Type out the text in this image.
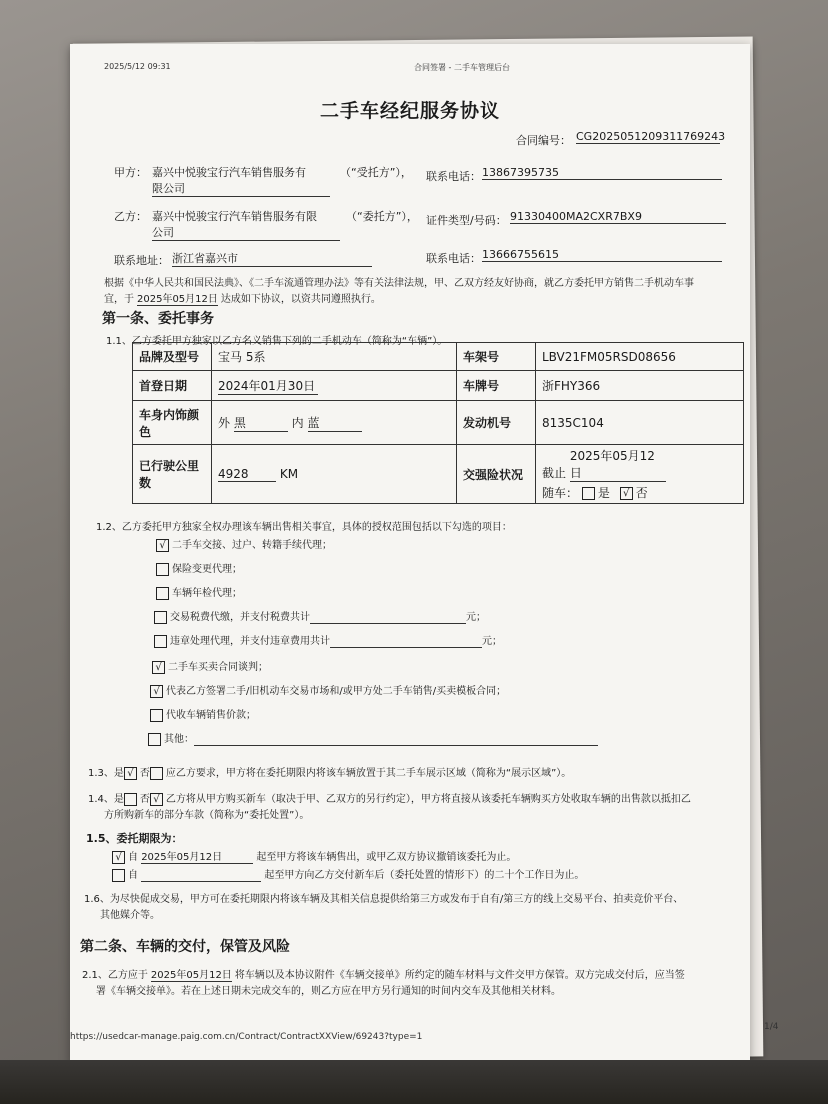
2025/5/12 09:31	合同签署 - 二手车管理后台
二手车经纪服务协议
合同编号： CG2025051209311769243
甲方： 嘉兴中悦骏宝行汽车销售服务有	（“受托方”），
限公司
联系电话： 13867395735
乙方： 嘉兴中悦骏宝行汽车销售服务有限	（“委托方”），
公司
证件类型/号码： 91330400MA2CXR7BX9
联系地址： 浙江省嘉兴市	联系电话： 13666755615
根据《中华人民共和国民法典》、《二手车流通管理办法》等有关法律法规，甲、乙双方经友好协商，就乙方委托甲方销售二手机动车事
宜，于 2025年05月12日 达成如下协议，以资共同遵照执行。
第一条、委托事务
1.1、乙方委托甲方独家以乙方名义销售下列的二手机动车（简称为“车辆”）。
品牌及型号	宝马 5系	车架号	LBV21FM05RSD08656
首登日期	2024年01月30日	车牌号	浙FHY366
车身内饰颜色	外 黑 内 蓝	发动机号	8135C104
已行驶公里数	4928 KM	交强险状况	截止 2025年05月12日
随车： 是 √ 否
1.2、乙方委托甲方独家全权办理该车辆出售相关事宜，具体的授权范围包括以下勾选的项目：
√ 二手车交接、过户、转籍手续代理；
保险变更代理；
车辆年检代理；
交易税费代缴，并支付税费共计	元；
违章处理代理，并支付违章费用共计	元；
√ 二手车买卖合同谈判；
√ 代表乙方签署二手/旧机动车交易市场和/或甲方处二手车销售/买卖模板合同；
代收车辆销售价款；
其他：
1.3、是 √ 否 应乙方要求，甲方将在委托期限内将该车辆放置于其二手车展示区域（简称为“展示区域”）。
1.4、是 否 √ 乙方将从甲方购买新车（取决于甲、乙双方的另行约定），甲方将直接从该委托车辆购买方处收取车辆的出售款以抵扣乙
方所购新车的部分车款（简称为“委托处置”）。
1.5、委托期限为：
√ 自 2025年05月12日	起至甲方将该车辆售出，或甲乙双方协议撤销该委托为止。
自	起至甲方向乙方交付新车后（委托处置的情形下）的二十个工作日为止。
1.6、为尽快促成交易，甲方可在委托期限内将该车辆及其相关信息提供给第三方或发布于自有/第三方的线上交易平台、拍卖竞价平台、
其他媒介等。
第二条、车辆的交付，保管及风险
2.1、乙方应于 2025年05月12日 将车辆以及本协议附件《车辆交接单》所约定的随车材料与文件交甲方保管。双方完成交付后，应当签
署《车辆交接单》。若在上述日期未完成交车的，则乙方应在甲方另行通知的时间内交车及其他相关材料。
https://usedcar-manage.paig.com.cn/Contract/ContractXXView/69243?type=1
1/4
